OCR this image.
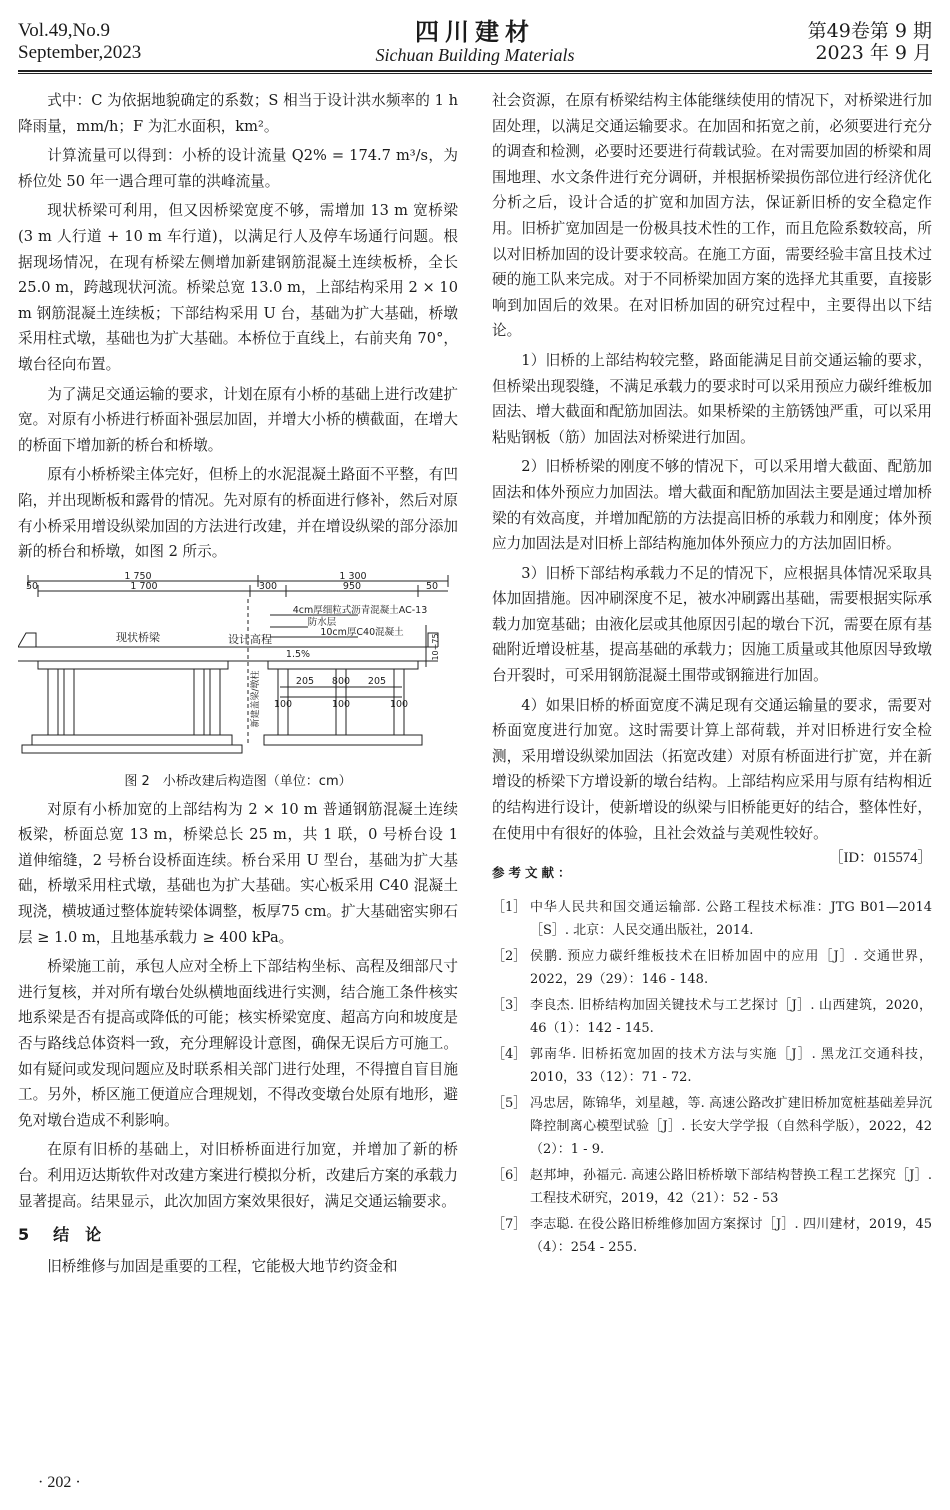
Vol.49,No.9
September,2023
四川建材
Sichuan Building Materials
第49卷第 9 期
2023 年 9 月

式中：C 为依据地貌确定的系数；S 相当于设计洪水频率的 1 h 降雨量，mm/h；F 为汇水面积，km²。

计算流量可以得到：小桥的设计流量 Q2% = 174.7 m³/s，为桥位处 50 年一遇合理可靠的洪峰流量。

现状桥梁可利用，但又因桥梁宽度不够，需增加 13 m 宽桥梁(3 m 人行道 + 10 m 车行道)，以满足行人及停车场通行问题。根据现场情况，在现有桥梁左侧增加新建钢筋混凝土连续板桥，全长 25.0 m，跨越现状河流。桥梁总宽 13.0 m，上部结构采用 2 × 10 m 钢筋混凝土连续板；下部结构采用 U 台，基础为扩大基础，桥墩采用柱式墩，基础也为扩大基础。本桥位于直线上，右前夹角 70°，墩台径向布置。

为了满足交通运输的要求，计划在原有小桥的基础上进行改建扩宽。对原有小桥进行桥面补强层加固，并增大小桥的横截面，在增大的桥面下增加新的桥台和桥墩。

原有小桥桥梁主体完好，但桥上的水泥混凝土路面不平整，有凹陷，并出现断板和露骨的情况。先对原有的桥面进行修补，然后对原有小桥采用增设纵梁加固的方法进行改建，并在增设纵梁的部分添加新的桥台和桥墩，如图 2 所示。

1 750
1 700
50
1 300
300	950	50
4cm厚细粒式沥青混凝土AC-13
防水层
10cm厚C40混凝土
现状桥梁	设计高程
1.5%	10+75
新建盖梁/墩柱	205 800 205
100	100	100
图 2　小桥改建后构造图（单位：cm）

对原有小桥加宽的上部结构为 2 × 10 m 普通钢筋混凝土连续板梁，桥面总宽 13 m，桥梁总长 25 m，共 1 联，0 号桥台设 1 道伸缩缝，2 号桥台设桥面连续。桥台采用 U 型台，基础为扩大基础，桥墩采用柱式墩，基础也为扩大基础。实心板采用 C40 混凝土现浇，横坡通过整体旋转梁体调整，板厚75 cm。扩大基础密实卵石层 ≥ 1.0 m，且地基承载力 ≥ 400 kPa。

桥梁施工前，承包人应对全桥上下部结构坐标、高程及细部尺寸进行复核，并对所有墩台处纵横地面线进行实测，结合施工条件核实地系梁是否有提高或降低的可能；核实桥梁宽度、超高方向和坡度是否与路线总体资料一致，充分理解设计意图，确保无误后方可施工。如有疑问或发现问题应及时联系相关部门进行处理，不得擅自盲目施工。另外，桥区施工便道应合理规划，不得改变墩台处原有地形，避免对墩台造成不利影响。

在原有旧桥的基础上，对旧桥桥面进行加宽，并增加了新的桥台。利用迈达斯软件对改建方案进行模拟分析，改建后方案的承载力显著提高。结果显示，此次加固方案效果很好，满足交通运输要求。

5 结　论

旧桥维修与加固是重要的工程，它能极大地节约资金和

社会资源，在原有桥梁结构主体能继续使用的情况下，对桥梁进行加固处理，以满足交通运输要求。在加固和拓宽之前，必须要进行充分的调查和检测，必要时还要进行荷载试验。在对需要加固的桥梁和周围地理、水文条件进行充分调研，并根据桥梁损伤部位进行经济优化分析之后，设计合适的扩宽和加固方法，保证新旧桥的安全稳定作用。旧桥扩宽加固是一份极具技术性的工作，而且危险系数较高，所以对旧桥加固的设计要求较高。在施工方面，需要经验丰富且技术过硬的施工队来完成。对于不同桥梁加固方案的选择尤其重要，直接影响到加固后的效果。在对旧桥加固的研究过程中，主要得出以下结论。

1）旧桥的上部结构较完整，路面能满足目前交通运输的要求，但桥梁出现裂缝，不满足承载力的要求时可以采用预应力碳纤维板加固法、增大截面和配筋加固法。如果桥梁的主筋锈蚀严重，可以采用粘贴钢板（筋）加固法对桥梁进行加固。

2）旧桥桥梁的刚度不够的情况下，可以采用增大截面、配筋加固法和体外预应力加固法。增大截面和配筋加固法主要是通过增加桥梁的有效高度，并增加配筋的方法提高旧桥的承载力和刚度；体外预应力加固法是对旧桥上部结构施加体外预应力的方法加固旧桥。

3）旧桥下部结构承载力不足的情况下，应根据具体情况采取具体加固措施。因冲刷深度不足，被水冲刷露出基础，需要根据实际承载力加宽基础；由液化层或其他原因引起的墩台下沉，需要在原有基础附近增设桩基，提高基础的承载力；因施工质量或其他原因导致墩台开裂时，可采用钢筋混凝土围带或钢箍进行加固。

4）如果旧桥的桥面宽度不满足现有交通运输量的要求，需要对桥面宽度进行加宽。这时需要计算上部荷载，并对旧桥进行安全检测，采用增设纵梁加固法（拓宽改建）对原有桥面进行扩宽，并在新增设的桥梁下方增设新的墩台结构。上部结构应采用与原有结构相近的结构进行设计，使新增设的纵梁与旧桥能更好的结合，整体性好，在使用中有很好的体验，且社会效益与美观性较好。
［ID：015574］

参考文献：
［1］ 中华人民共和国交通运输部. 公路工程技术标准：JTG B01—2014［S］. 北京：人民交通出版社，2014.
［2］ 侯鹏. 预应力碳纤维板技术在旧桥加固中的应用［J］. 交通世界，2022，29（29）：146 - 148.
［3］ 李良杰. 旧桥结构加固关键技术与工艺探讨［J］. 山西建筑，2020，46（1）：142 - 145.
［4］ 郭南华. 旧桥拓宽加固的技术方法与实施［J］. 黑龙江交通科技，2010，33（12）：71 - 72.
［5］ 冯忠居，陈锦华，刘星越，等. 高速公路改扩建旧桥加宽桩基础差异沉降控制离心模型试验［J］. 长安大学学报（自然科学版），2022，42（2）：1 - 9.
［6］ 赵邦坤，孙福元. 高速公路旧桥桥墩下部结构替换工程工艺探究［J］. 工程技术研究，2019，42（21）：52 - 53
［7］ 李志聪. 在役公路旧桥维修加固方案探讨［J］. 四川建材，2019，45（4）：254 - 255.
· 202 ·
